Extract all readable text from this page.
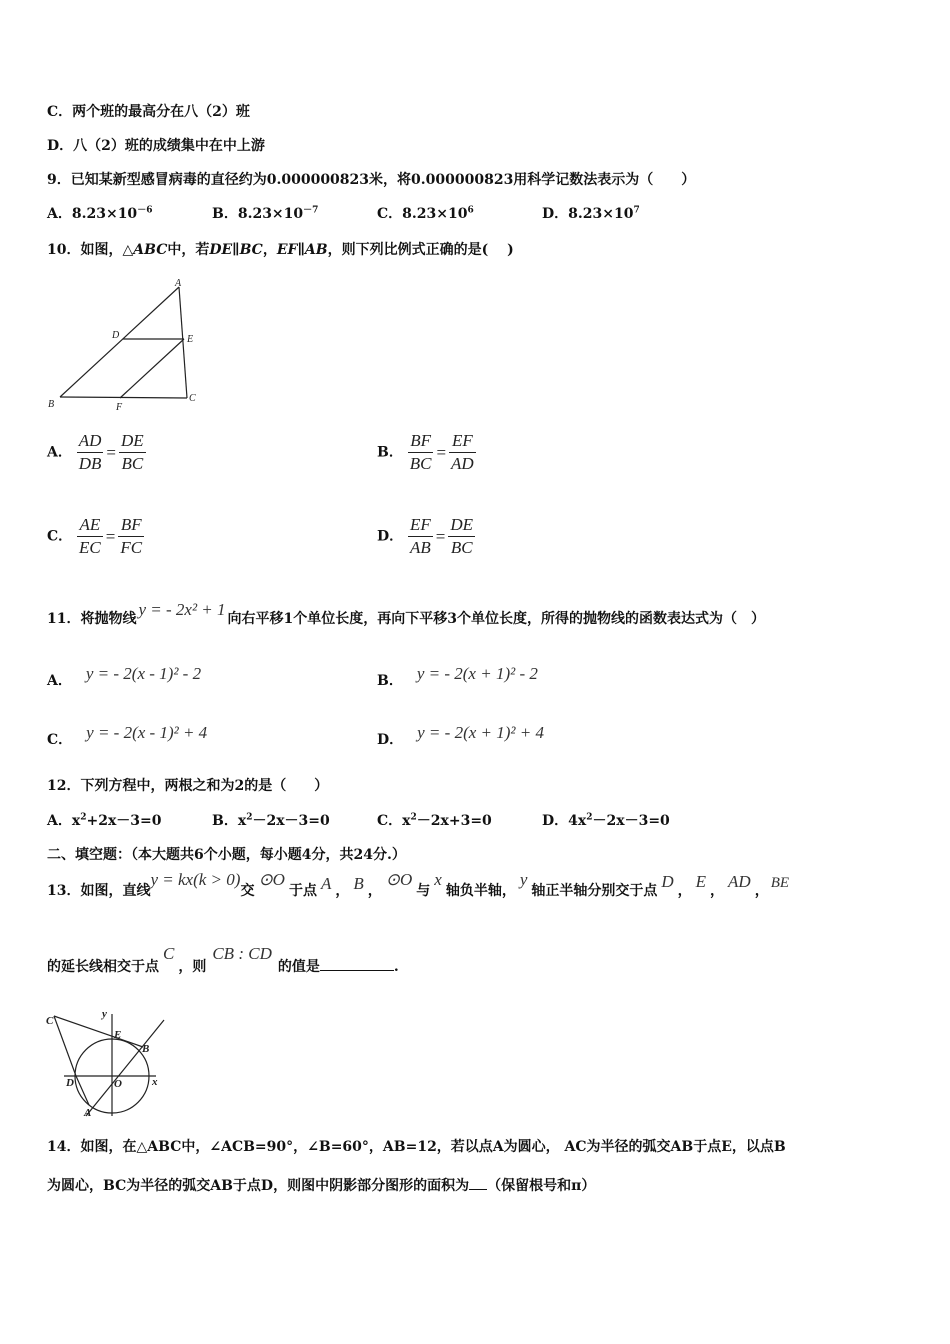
C．两个班的最高分在八（2）班
D．八（2）班的成绩集中在中上游
9．已知某新型感冒病毒的直径约为0.000000823米，将0.000000823用科学记数法表示为（　　）
A．$8.23\times 10^{-6}$	B．$8.23\times 10^{-7}$	C．$8.23\times 10^6$	D．$8.23\times 10^7$
10．如图，△ABC中，若DE∥BC，EF∥AB，则下列比例式正确的是(　 )
A
D	E
B	F
C
A． $\frac{AD}{DB} = \frac{DE}{BC}$	B． $\frac{BF}{BC} = \frac{EF}{AD}$
C． $\frac{AE}{EC} = \frac{BF}{FC}$	D． $\frac{EF}{AB} = \frac{DE}{BC}$
11．将抛物线 y = - 2x² + 1 向右平移1个单位长度，再向下平移3个单位长度，所得的抛物线的函数表达式为（　）
A． y = - 2(x - 1)² - 2	B． y = - 2(x + 1)² - 2
C． y = - 2(x - 1)² + 4	D． y = - 2(x + 1)² + 4
12．下列方程中，两根之和为2的是（　　）
A．$x^2+2x-3=0$	B．$x^2-2x-3=0$	C．$x^2-2x+3=0$	D．$4x^2-2x-3=0$
二、填空题：（本大题共6个小题，每小题4分，共24分.）
13．如图，直线y = kx(k > 0)交⊙O于点 A ， B ，⊙O与x轴负半轴，y轴正半轴分别交于点 D ， E ， AD ， BE
的延长线相交于点C，则CB : CD的值是	.
C
y
E
B
D	O	x
A
14．如图，在△ABC中，∠ACB=90°，∠B=60°，AB=12，若以点A为圆心， AC为半径的弧交AB于点E，以点B
为圆心，BC为半径的弧交AB于点D，则图中阴影部分图形的面积为 （保留根号和π）
